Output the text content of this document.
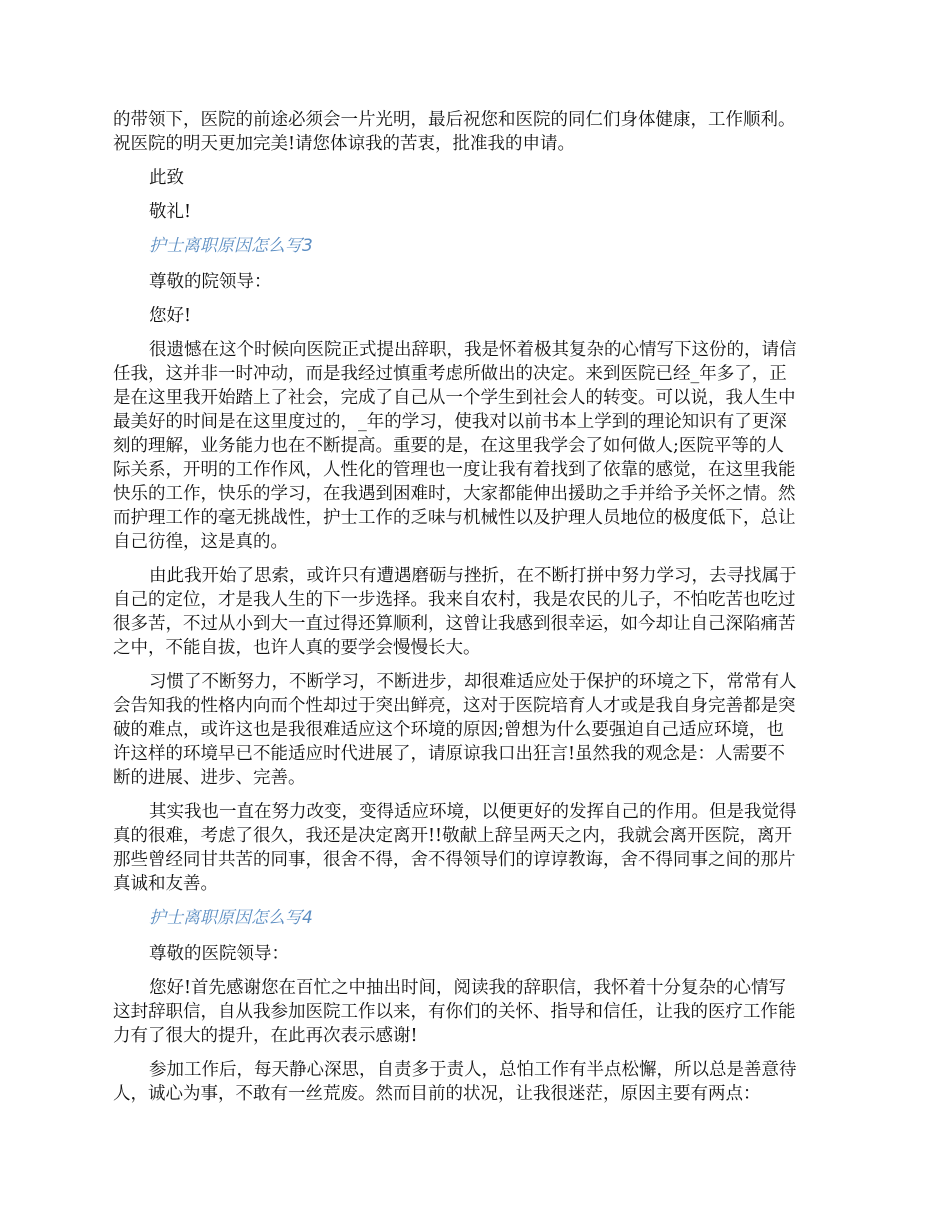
的带领下，医院的前途必须会一片光明，最后祝您和医院的同仁们身体健康，工作顺利。
祝医院的明天更加完美!请您体谅我的苦衷，批准我的申请。
此致
敬礼!
护士离职原因怎么写3
尊敬的院领导：
您好!
很遗憾在这个时候向医院正式提出辞职，我是怀着极其复杂的心情写下这份的，请信
任我，这并非一时冲动，而是我经过慎重考虑所做出的决定。来到医院已经_年多了，正
是在这里我开始踏上了社会，完成了自己从一个学生到社会人的转变。可以说，我人生中
最美好的时间是在这里度过的，_年的学习，使我对以前书本上学到的理论知识有了更深
刻的理解，业务能力也在不断提高。重要的是，在这里我学会了如何做人;医院平等的人
际关系，开明的工作作风，人性化的管理也一度让我有着找到了依靠的感觉，在这里我能
快乐的工作，快乐的学习，在我遇到困难时，大家都能伸出援助之手并给予关怀之情。然
而护理工作的毫无挑战性，护士工作的乏味与机械性以及护理人员地位的极度低下，总让
自己彷徨，这是真的。
由此我开始了思索，或许只有遭遇磨砺与挫折，在不断打拼中努力学习，去寻找属于
自己的定位，才是我人生的下一步选择。我来自农村，我是农民的儿子，不怕吃苦也吃过
很多苦，不过从小到大一直过得还算顺利，这曾让我感到很幸运，如今却让自己深陷痛苦
之中，不能自拔，也许人真的要学会慢慢长大。
习惯了不断努力，不断学习，不断进步，却很难适应处于保护的环境之下，常常有人
会告知我的性格内向而个性却过于突出鲜亮，这对于医院培育人才或是我自身完善都是突
破的难点，或许这也是我很难适应这个环境的原因;曾想为什么要强迫自己适应环境，也
许这样的环境早已不能适应时代进展了，请原谅我口出狂言!虽然我的观念是：人需要不
断的进展、进步、完善。
其实我也一直在努力改变，变得适应环境，以便更好的发挥自己的作用。但是我觉得
真的很难，考虑了很久，我还是决定离开!!敬献上辞呈两天之内，我就会离开医院，离开
那些曾经同甘共苦的同事，很舍不得，舍不得领导们的谆谆教诲，舍不得同事之间的那片
真诚和友善。
护士离职原因怎么写4
尊敬的医院领导：
您好!首先感谢您在百忙之中抽出时间，阅读我的辞职信，我怀着十分复杂的心情写
这封辞职信，自从我参加医院工作以来，有你们的关怀、指导和信任，让我的医疗工作能
力有了很大的提升，在此再次表示感谢!
参加工作后，每天静心深思，自责多于责人，总怕工作有半点松懈，所以总是善意待
人，诚心为事，不敢有一丝荒废。然而目前的状况，让我很迷茫，原因主要有两点：
